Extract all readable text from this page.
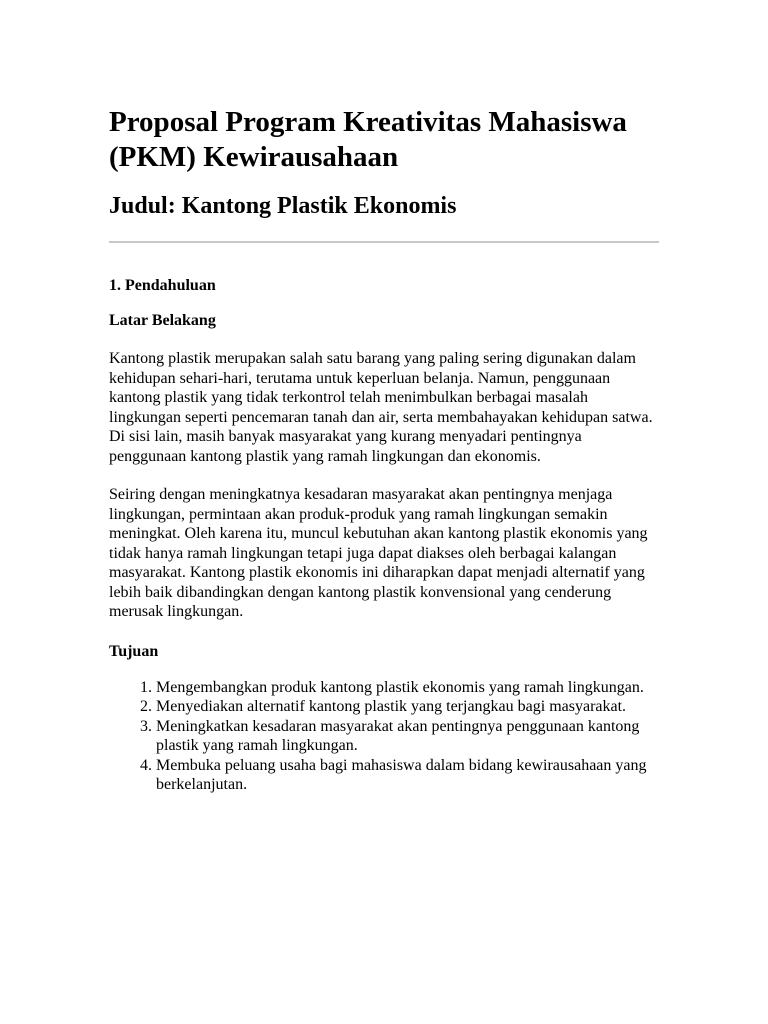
Proposal Program Kreativitas Mahasiswa (PKM) Kewirausahaan
Judul: Kantong Plastik Ekonomis
1. Pendahuluan
Latar Belakang

Kantong plastik merupakan salah satu barang yang paling sering digunakan dalam kehidupan sehari-hari, terutama untuk keperluan belanja. Namun, penggunaan kantong plastik yang tidak terkontrol telah menimbulkan berbagai masalah lingkungan seperti pencemaran tanah dan air, serta membahayakan kehidupan satwa. Di sisi lain, masih banyak masyarakat yang kurang menyadari pentingnya penggunaan kantong plastik yang ramah lingkungan dan ekonomis.

Seiring dengan meningkatnya kesadaran masyarakat akan pentingnya menjaga lingkungan, permintaan akan produk-produk yang ramah lingkungan semakin meningkat. Oleh karena itu, muncul kebutuhan akan kantong plastik ekonomis yang tidak hanya ramah lingkungan tetapi juga dapat diakses oleh berbagai kalangan masyarakat. Kantong plastik ekonomis ini diharapkan dapat menjadi alternatif yang lebih baik dibandingkan dengan kantong plastik konvensional yang cenderung merusak lingkungan.

Tujuan
1. Mengembangkan produk kantong plastik ekonomis yang ramah lingkungan.
2. Menyediakan alternatif kantong plastik yang terjangkau bagi masyarakat.
3. Meningkatkan kesadaran masyarakat akan pentingnya penggunaan kantong plastik yang ramah lingkungan.
4. Membuka peluang usaha bagi mahasiswa dalam bidang kewirausahaan yang berkelanjutan.
